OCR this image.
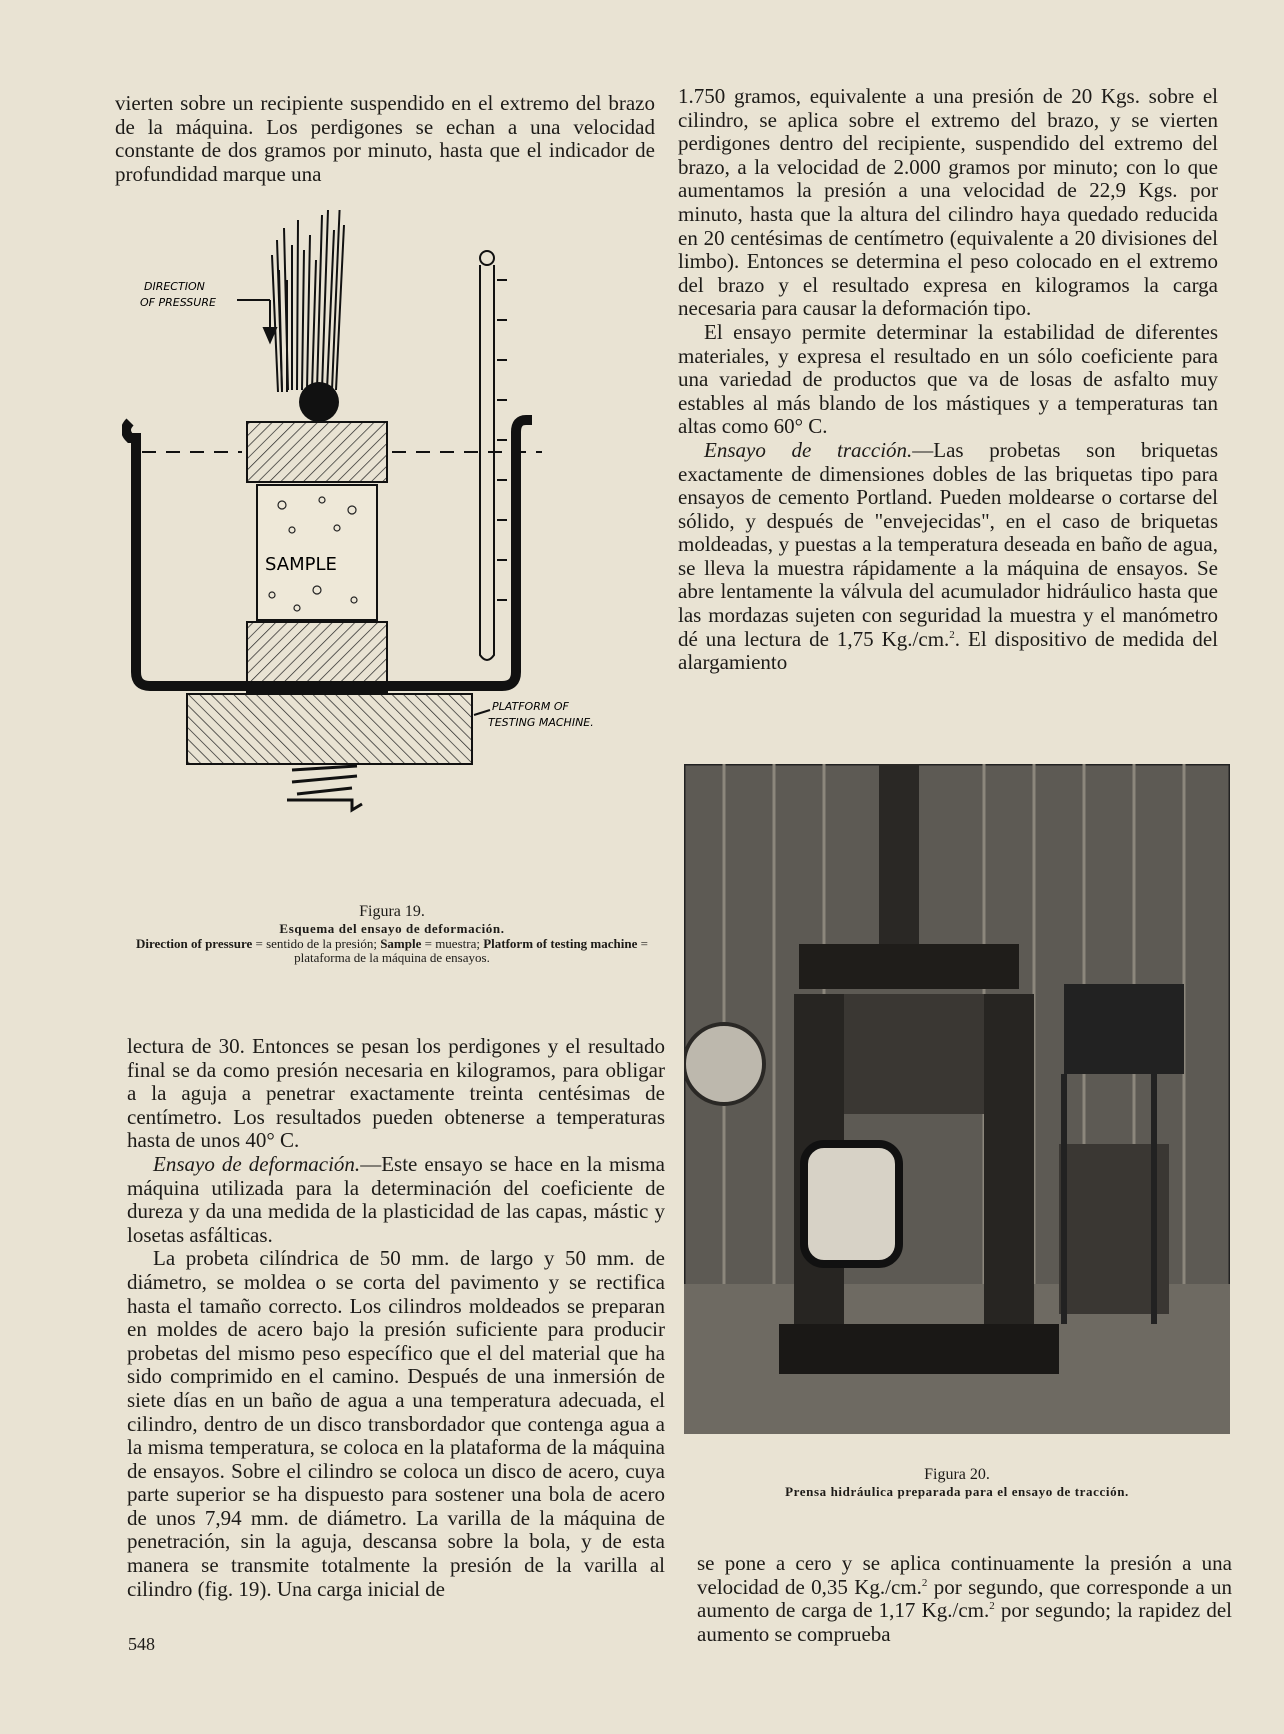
vierten sobre un recipiente suspendido en el extremo del brazo de la máquina. Los perdigones se echan a una velocidad constante de dos gramos por minuto, hasta que el indicador de profundidad marque una

DIRECTION
OF PRESSURE
SAMPLE
PLATFORM OF
TESTING MACHINE.
Figura 19.
Esquema del ensayo de deformación.
Direction of pressure = sentido de la presión; Sample = muestra; Platform of testing machine = plataforma de la máquina de ensayos.

lectura de 30. Entonces se pesan los perdigones y el resultado final se da como presión necesaria en kilogramos, para obligar a la aguja a penetrar exactamente treinta centésimas de centímetro. Los resultados pueden obtenerse a temperaturas hasta de unos 40° C.

Ensayo de deformación.—Este ensayo se hace en la misma máquina utilizada para la determinación del coeficiente de dureza y da una medida de la plasticidad de las capas, mástic y losetas asfálticas.

La probeta cilíndrica de 50 mm. de largo y 50 mm. de diámetro, se moldea o se corta del pavimento y se rectifica hasta el tamaño correcto. Los cilindros moldeados se preparan en moldes de acero bajo la presión suficiente para producir probetas del mismo peso específico que el del material que ha sido comprimido en el camino. Después de una inmersión de siete días en un baño de agua a una temperatura adecuada, el cilindro, dentro de un disco transbordador que contenga agua a la misma temperatura, se coloca en la plataforma de la máquina de ensayos. Sobre el cilindro se coloca un disco de acero, cuya parte superior se ha dispuesto para sostener una bola de acero de unos 7,94 mm. de diámetro. La varilla de la máquina de penetración, sin la aguja, descansa sobre la bola, y de esta manera se transmite totalmente la presión de la varilla al cilindro (fig. 19). Una carga inicial de

1.750 gramos, equivalente a una presión de 20 Kgs. sobre el cilindro, se aplica sobre el extremo del brazo, y se vierten perdigones dentro del recipiente, suspendido del extremo del brazo, a la velocidad de 2.000 gramos por minuto; con lo que aumentamos la presión a una velocidad de 22,9 Kgs. por minuto, hasta que la altura del cilindro haya quedado reducida en 20 centésimas de centímetro (equivalente a 20 divisiones del limbo). Entonces se determina el peso colocado en el extremo del brazo y el resultado expresa en kilogramos la carga necesaria para causar la deformación tipo.

El ensayo permite determinar la estabilidad de diferentes materiales, y expresa el resultado en un sólo coeficiente para una variedad de productos que va de losas de asfalto muy estables al más blando de los mástiques y a temperaturas tan altas como 60° C.

Ensayo de tracción.—Las probetas son briquetas exactamente de dimensiones dobles de las briquetas tipo para ensayos de cemento Portland. Pueden moldearse o cortarse del sólido, y después de "envejecidas", en el caso de briquetas moldeadas, y puestas a la temperatura deseada en baño de agua, se lleva la muestra rápidamente a la máquina de ensayos. Se abre lentamente la válvula del acumulador hidráulico hasta que las mordazas sujeten con seguridad la muestra y el manómetro dé una lectura de 1,75 Kg./cm.$^2$. El dispositivo de medida del alargamiento

Figura 20.
Prensa hidráulica preparada para el ensayo de tracción.

se pone a cero y se aplica continuamente la presión a una velocidad de 0,35 Kg./cm.$^2$ por segundo, que corresponde a un aumento de carga de 1,17 Kg./cm.$^2$ por segundo; la rapidez del aumento se comprueba

548
